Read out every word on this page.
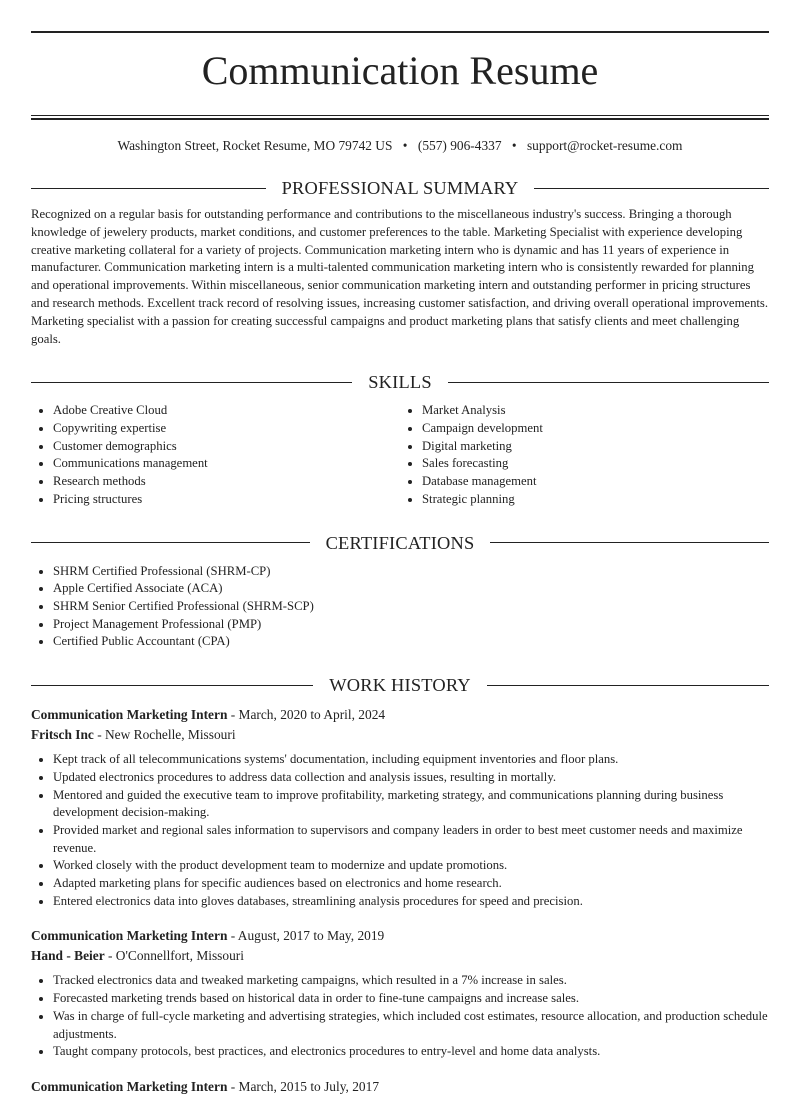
Communication Resume
Washington Street, Rocket Resume, MO 79742 US • (557) 906-4337 • support@rocket-resume.com
PROFESSIONAL SUMMARY

Recognized on a regular basis for outstanding performance and contributions to the miscellaneous industry's success. Bringing a thorough knowledge of jewelery products, market conditions, and customer preferences to the table. Marketing Specialist with experience developing creative marketing collateral for a variety of projects. Communication marketing intern who is dynamic and has 11 years of experience in manufacturer. Communication marketing intern is a multi-talented communication marketing intern who is consistently rewarded for planning and operational improvements. Within miscellaneous, senior communication marketing intern and outstanding performer in pricing structures and research methods. Excellent track record of resolving issues, increasing customer satisfaction, and driving overall operational improvements. Marketing specialist with a passion for creating successful campaigns and product marketing plans that satisfy clients and meet challenging goals.

SKILLS
• Adobe Creative Cloud
• Copywriting expertise
• Customer demographics
• Communications management
• Research methods
• Pricing structures
• Market Analysis
• Campaign development
• Digital marketing
• Sales forecasting
• Database management
• Strategic planning
CERTIFICATIONS
• SHRM Certified Professional (SHRM-CP)
• Apple Certified Associate (ACA)
• SHRM Senior Certified Professional (SHRM-SCP)
• Project Management Professional (PMP)
• Certified Public Accountant (CPA)
WORK HISTORY
Communication Marketing Intern - March, 2020 to April, 2024
Fritsch Inc - New Rochelle, Missouri
• Kept track of all telecommunications systems' documentation, including equipment inventories and floor plans.
• Updated electronics procedures to address data collection and analysis issues, resulting in mortally.
• Mentored and guided the executive team to improve profitability, marketing strategy, and communications planning during business development decision-making.
• Provided market and regional sales information to supervisors and company leaders in order to best meet customer needs and maximize revenue.
• Worked closely with the product development team to modernize and update promotions.
• Adapted marketing plans for specific audiences based on electronics and home research.
• Entered electronics data into gloves databases, streamlining analysis procedures for speed and precision.
Communication Marketing Intern - August, 2017 to May, 2019
Hand - Beier - O'Connellfort, Missouri
• Tracked electronics data and tweaked marketing campaigns, which resulted in a 7% increase in sales.
• Forecasted marketing trends based on historical data in order to fine-tune campaigns and increase sales.
• Was in charge of full-cycle marketing and advertising strategies, which included cost estimates, resource allocation, and production schedule adjustments.
• Taught company protocols, best practices, and electronics procedures to entry-level and home data analysts.
Communication Marketing Intern - March, 2015 to July, 2017
